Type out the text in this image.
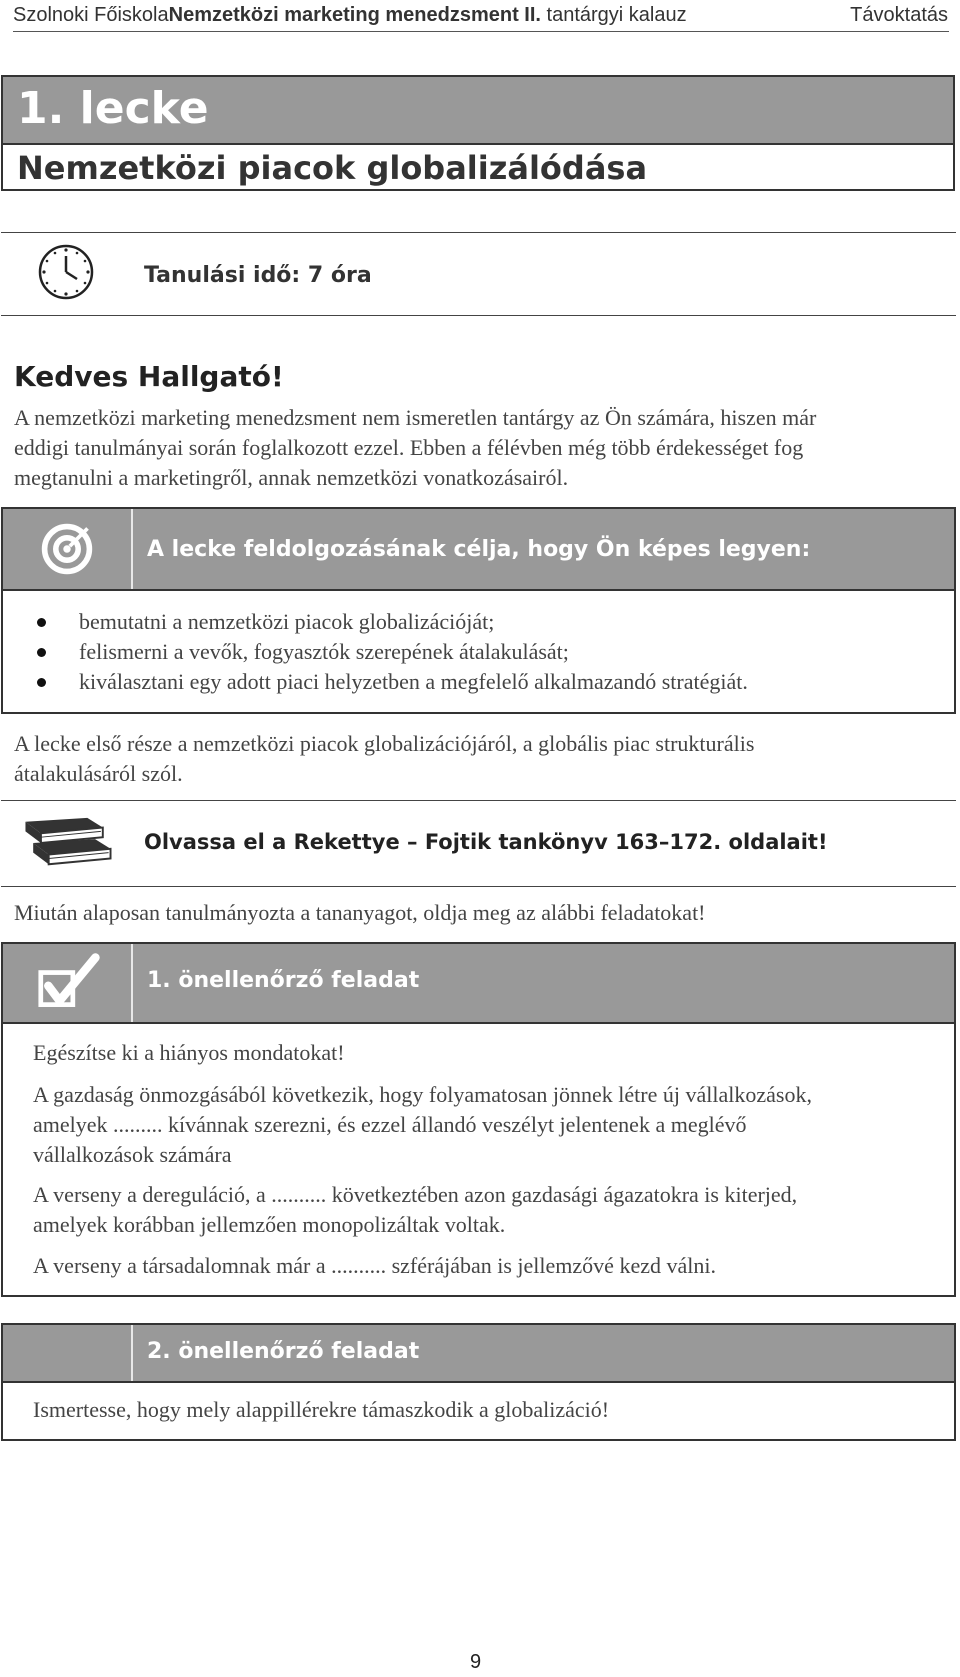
Szolnoki FőiskolaNemzetközi marketing menedzsment II. tantárgyi kalauz	Távoktatás
1. lecke
Nemzetközi piacok globalizálódása
Tanulási idő: 7 óra
Kedves Hallgató!
A nemzetközi marketing menedzsment nem ismeretlen tantárgy az Ön számára, hiszen már
eddigi tanulmányai során foglalkozott ezzel. Ebben a félévben még több érdekességet fog
megtanulni a marketingről, annak nemzetközi vonatkozásairól.
A lecke feldolgozásának célja, hogy Ön képes legyen:
bemutatni a nemzetközi piacok globalizációját;
felismerni a vevők, fogyasztók szerepének átalakulását;
kiválasztani egy adott piaci helyzetben a megfelelő alkalmazandó stratégiát.
A lecke első része a nemzetközi piacok globalizációjáról, a globális piac strukturális
átalakulásáról szól.
Olvassa el a Rekettye – Fojtik tankönyv 163–172. oldalait!
Miután alaposan tanulmányozta a tananyagot, oldja meg az alábbi feladatokat!
1. önellenőrző feladat
Egészítse ki a hiányos mondatokat!
A gazdaság önmozgásából következik, hogy folyamatosan jönnek létre új vállalkozások,
amelyek ......... kívánnak szerezni, és ezzel állandó veszélyt jelentenek a meglévő
vállalkozások számára
A verseny a dereguláció, a .......... következtében azon gazdasági ágazatokra is kiterjed,
amelyek korábban jellemzően monopolizáltak voltak.
A verseny a társadalomnak már a .......... szférájában is jellemzővé kezd válni.
2. önellenőrző feladat
Ismertesse, hogy mely alappillérekre támaszkodik a globalizáció!
9
